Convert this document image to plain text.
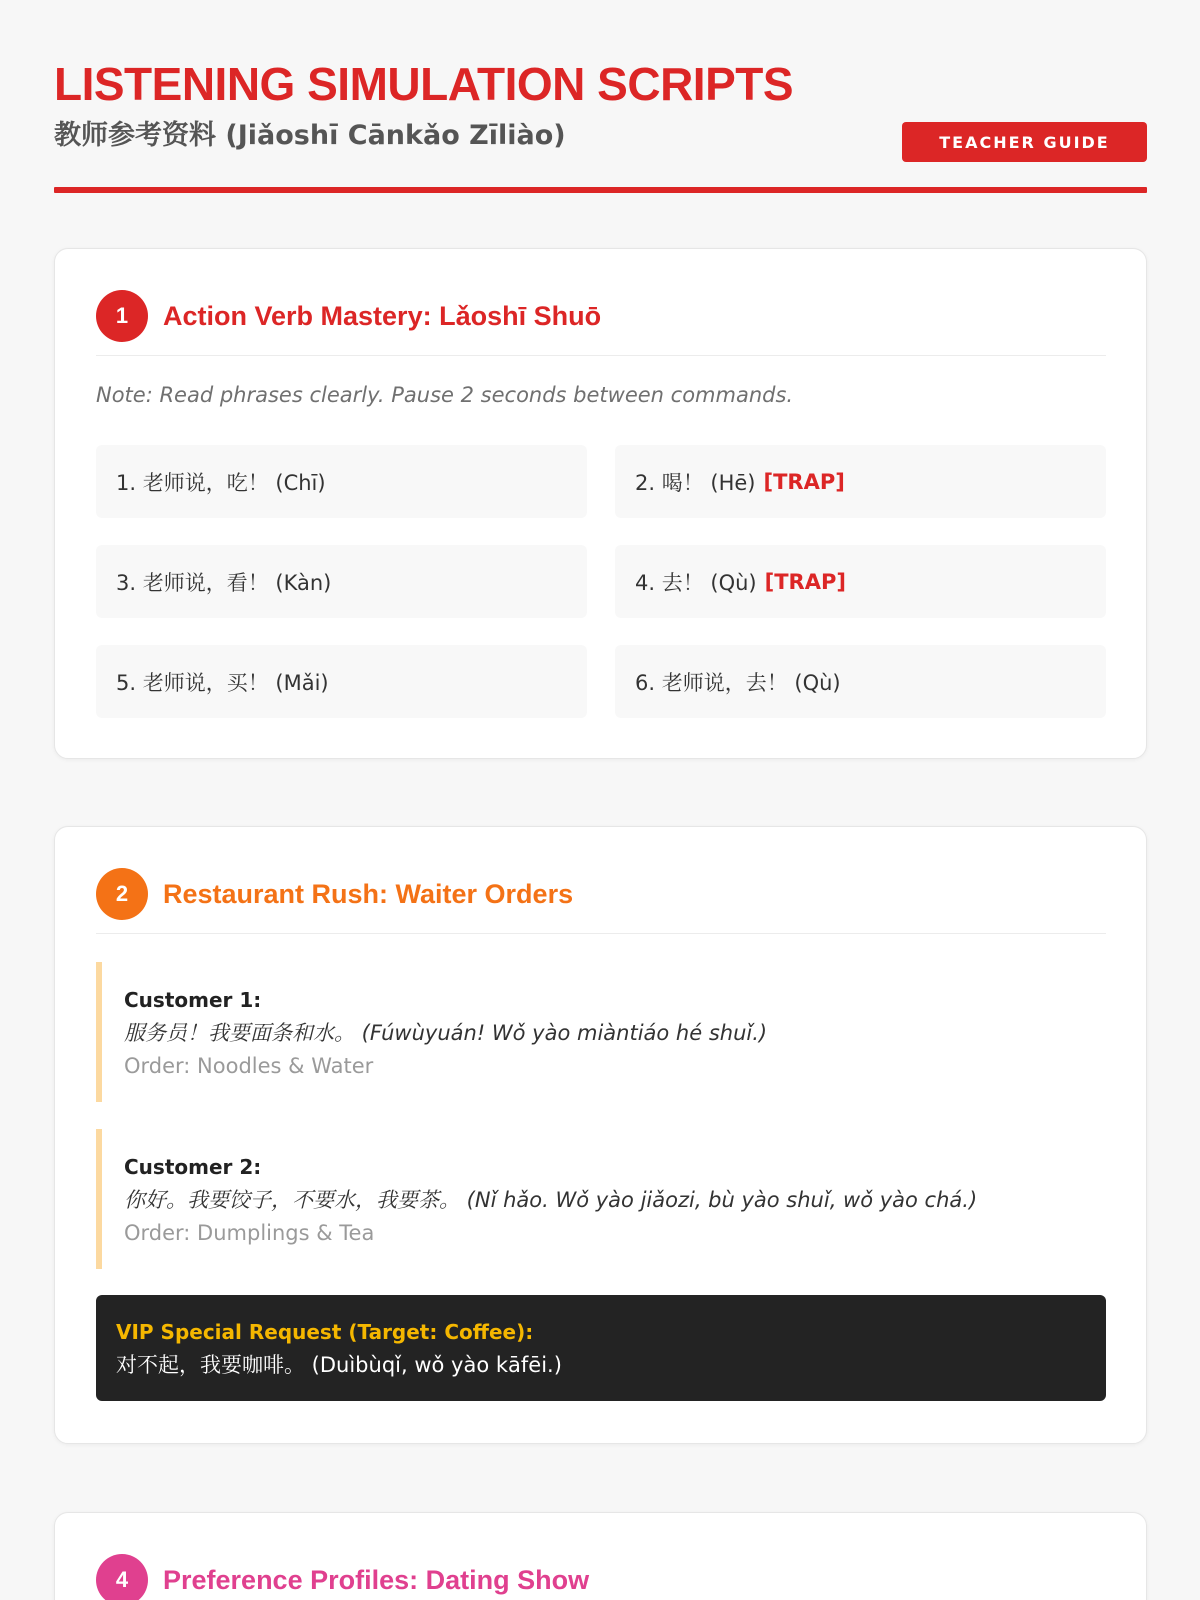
LISTENING SIMULATION SCRIPTS
教师参考资料 (Jiǎoshī Cānkǎo Zīliào)	TEACHER GUIDE
1	Action Verb Mastery: Lǎoshī Shuō
Note: Read phrases clearly. Pause 2 seconds between commands.
1. 老师说，吃！ (Chī)	2. 喝！ (Hē) [TRAP]
3. 老师说，看！ (Kàn)	4. 去！ (Qù) [TRAP]
5. 老师说，买！ (Mǎi)	6. 老师说，去！ (Qù)
2	Restaurant Rush: Waiter Orders
Customer 1:
服务员！我要面条和水。 (Fúwùyuán! Wǒ yào miàntiáo hé shuǐ.)
Order: Noodles & Water
Customer 2:
你好。我要饺子，不要水，我要茶。 (Nǐ hǎo. Wǒ yào jiǎozi, bù yào shuǐ, wǒ yào chá.)
Order: Dumplings & Tea
VIP Special Request (Target: Coffee):
对不起，我要咖啡。 (Duìbùqǐ, wǒ yào kāfēi.)
4	Preference Profiles: Dating Show
